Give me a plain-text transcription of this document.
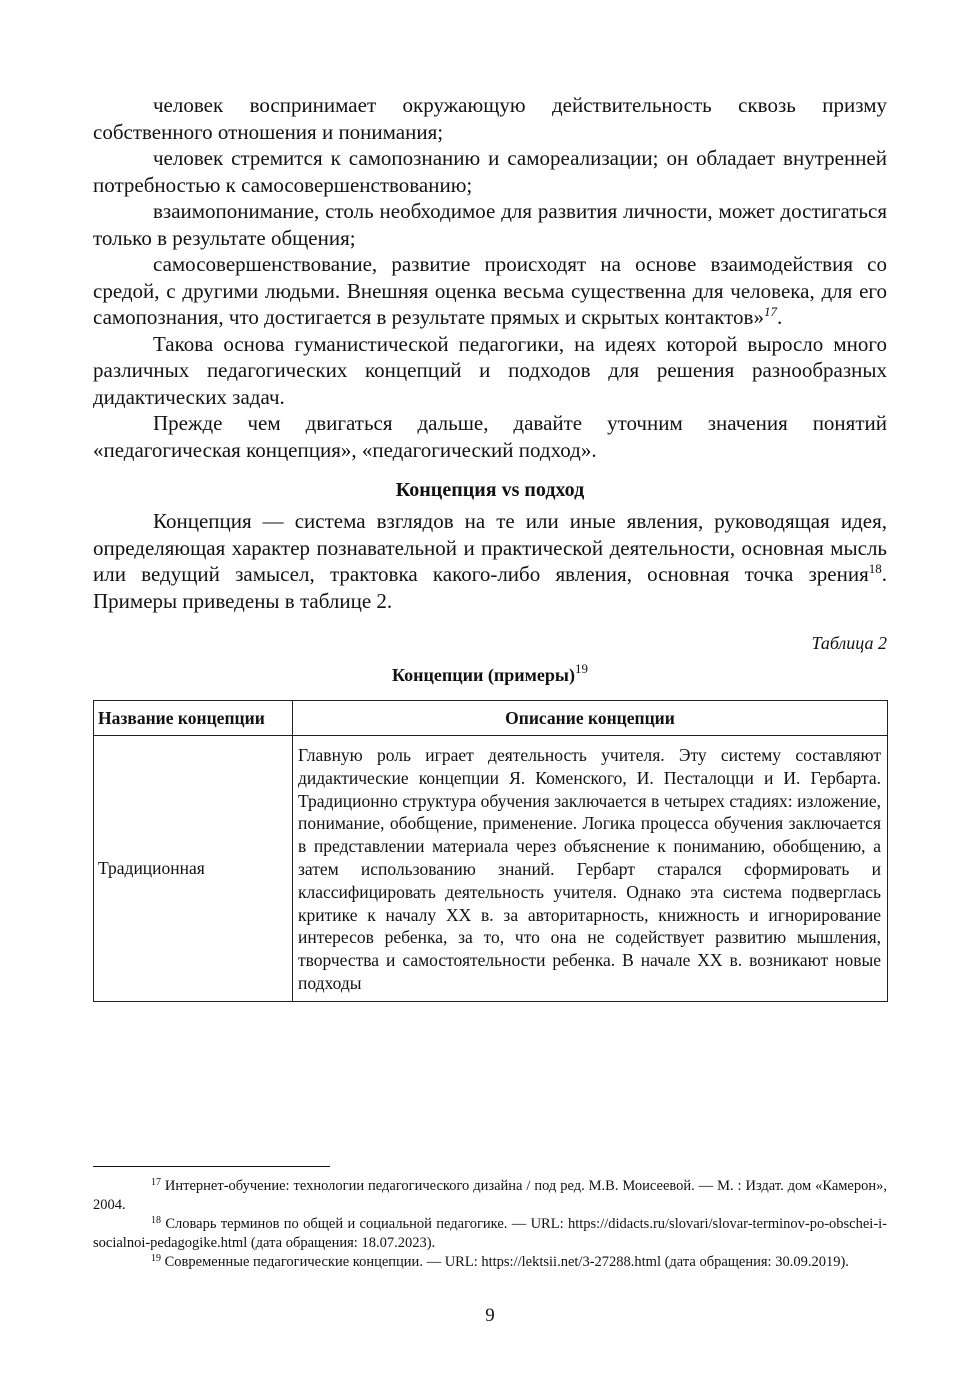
человек воспринимает окружающую действительность сквозь призму собственного отношения и понимания;

человек стремится к самопознанию и самореализации; он обладает внутренней потребностью к самосовершенствованию;

взаимопонимание, столь необходимое для развития личности, может достигаться только в результате общения;

самосовершенствование, развитие происходят на основе взаимодействия со средой, с другими людьми. Внешняя оценка весьма существенна для человека, для его самопознания, что достигается в результате прямых и скрытых контактов»$^{17}$.

Такова основа гуманистической педагогики, на идеях которой выросло много различных педагогических концепций и подходов для решения разнообразных дидактических задач.

Прежде чем двигаться дальше, давайте уточним значения понятий «педагогическая концепция», «педагогический подход».

Концепция vs подход

Концепция — система взглядов на те или иные явления, руководящая идея, определяющая характер познавательной и практической деятельности, основная мысль или ведущий замысел, трактовка какого-либо явления, основная точка зрения$^{18}$. Примеры приведены в таблице 2.

Таблица 2
Концепции (примеры)$^{19}$
Название концепции	Описание концепции
Традиционная	Главную роль играет деятельность учителя. Эту систему составляют дидактические концепции Я. Коменского, И. Песталоцци и И. Гербарта. Традиционно структура обучения заключается в четырех стадиях: изложение, понимание, обобщение, применение. Логика процесса обучения заключается в представлении материала через объяснение к пониманию, обобщению, а затем использованию знаний. Гербарт старался сформировать и классифицировать деятельность учителя. Однако эта система подверглась критике к началу XX в. за авторитарность, книжность и игнорирование интересов ребенка, за то, что она не содействует развитию мышления, творчества и самостоятельности ребенка. В начале XX в. возникают новые подходы

$^{17}$ Интернет-обучение: технологии педагогического дизайна / под ред. М.В. Моисеевой. — М. : Издат. дом «Камерон», 2004.

$^{18}$ Словарь терминов по общей и социальной педагогике. — URL: https://didacts.ru/slovari/slovar-terminov-po-obschei-i-socialnoi-pedagogike.html (дата обращения: 18.07.2023).

$^{19}$ Современные педагогические концепции. — URL: https://lektsii.net/3-27288.html (дата обращения: 30.09.2019).

9
